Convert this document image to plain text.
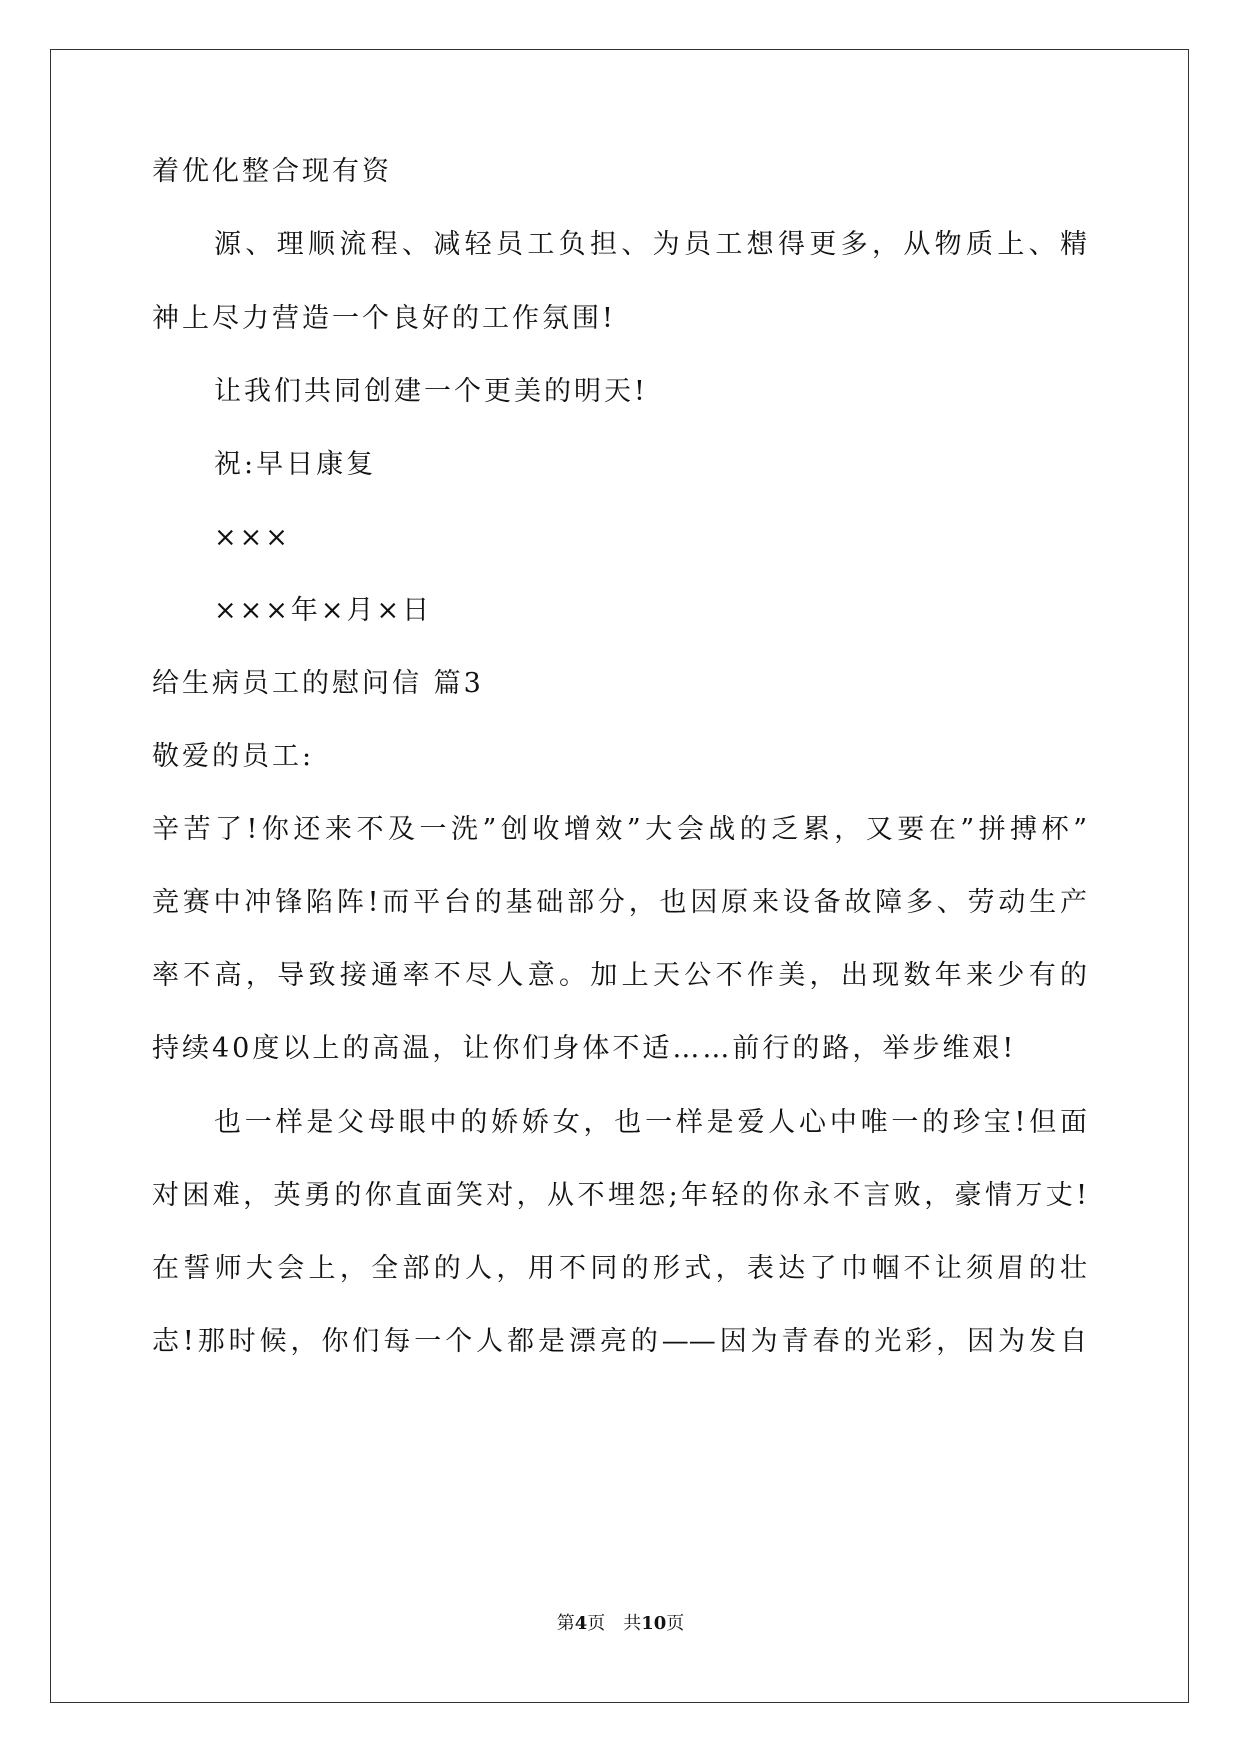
着优化整合现有资
源、理顺流程、减轻员工负担、为员工想得更多，从物质上、精
神上尽力营造一个良好的工作氛围!
让我们共同创建一个更美的明天!
祝:早日康复
×××
×××年×月×日
给生病员工的慰问信 篇3
敬爱的员工:
辛苦了!你还来不及一洗”创收增效”大会战的乏累，又要在”拼搏杯”
竞赛中冲锋陷阵!而平台的基础部分，也因原来设备故障多、劳动生产
率不高，导致接通率不尽人意。加上天公不作美，出现数年来少有的
持续40度以上的高温，让你们身体不适……前行的路，举步维艰!
也一样是父母眼中的娇娇女，也一样是爱人心中唯一的珍宝!但面
对困难，英勇的你直面笑对，从不埋怨;年轻的你永不言败，豪情万丈!
在誓师大会上，全部的人，用不同的形式，表达了巾帼不让须眉的壮
志!那时候，你们每一个人都是漂亮的——因为青春的光彩，因为发自
第4页 共10页
